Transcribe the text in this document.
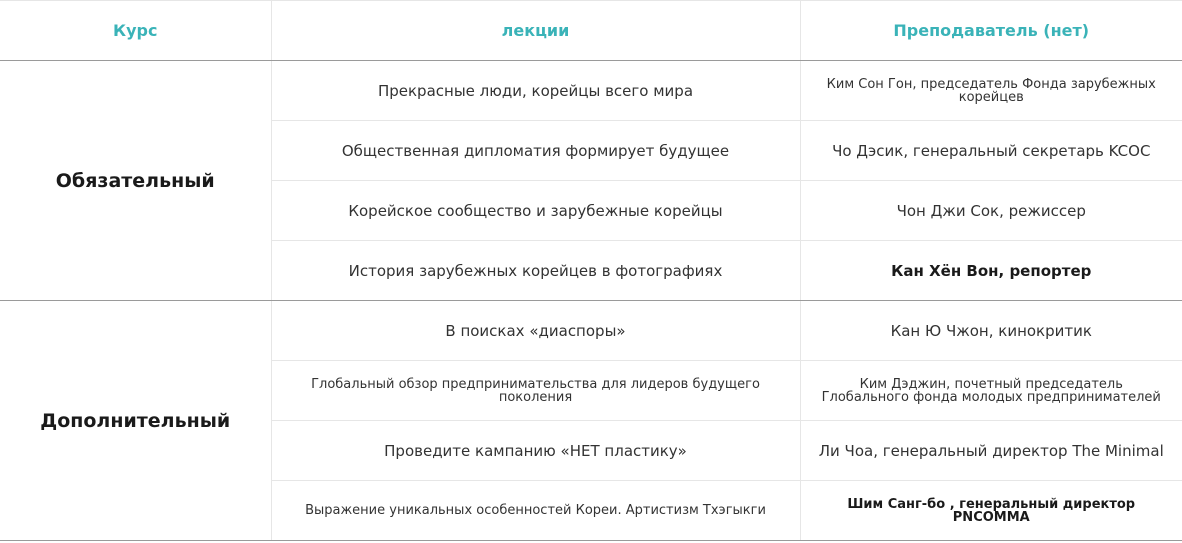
Курс	лекции	Преподаватель (нет)
Обязательный	Прекрасные люди, корейцы всего мира	Ким Сон Гон, председатель Фонда зарубежных корейцев
	Общественная дипломатия формирует будущее	Чо Дэсик, генеральный секретарь KCOC
	Корейское сообщество и зарубежные корейцы	Чон Джи Сок, режиссер
	История зарубежных корейцев в фотографиях	Кан Хён Вон, репортер
Дополнительный	В поисках «диаспоры»	Кан Ю Чжон, кинокритик
	Глобальный обзор предпринимательства для лидеров будущего поколения	Ким Дэджин, почетный председатель Глобального фонда молодых предпринимателей
	Проведите кампанию «НЕТ пластику»	Ли Чоа, генеральный директор The Minimal
	Выражение уникальных особенностей Кореи. Артистизм Тхэгыкги	Шим Санг-бо , генеральный директор PNCOMMA
